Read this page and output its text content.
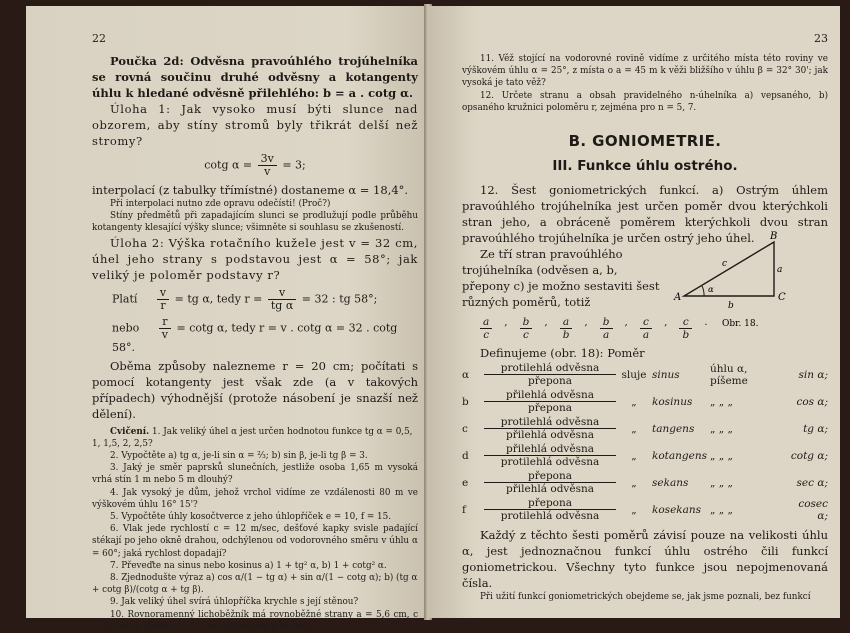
22

Poučka 2d: Odvěsna pravoúhlého trojúhelníka se rovná součinu druhé odvěsny a kotangenty úhlu k hledané odvěsně přilehlého: b = a . cotg α.

Úloha 1: Jak vysoko musí býti slunce nad obzorem, aby stíny stromů byly třikrát delší než stromy?

cotg $\alpha = \frac{3v}{v} = 3$;

interpolací (z tabulky třímístné) dostaneme α = 18,4°.

Při interpolaci nutno zde opravu odečísti! (Proč?)

Stíny předmětů při zapadajícím slunci se prodlužují podle průběhu kotangenty klesající výšky slunce; všimněte si souhlasu se zkušeností.

Úloha 2: Výška rotačního kuželе jest v = 32 cm, úhel jeho strany s podstavou jest α = 58°; jak veliký je poloměr podstavy r?

Platí $\frac{v}{r}$ = tg α, tedy $r = \frac{v}{\text{tg α}} = 32$ : tg 58°;
nebo $\frac{r}{v} = \cot g$ α, tedy r = v . cotg α = 32 . cotg 58°.

Oběma způsoby nalezneme r = 20 cm; počítati s pomocí kotangenty jest však zde (a v takových případech) výhodnější (protože násobení je snazší než dělení).

Cvičení. 1. Jak veliký úhel α jest určen hodnotou funkce tg α = 0,5, 1, 1,5, 2, 2,5?

2. Vypočtěte a) tg α, je-li sin α = ⅔; b) sin β, je-li tg β = 3.

3. Jaký je směr paprsků slunečních, jestliže osoba 1,65 m vysoká vrhá stín 1 m nebo 5 m dlouhý?

4. Jak vysoký je dům, jehož vrchol vidíme ze vzdálenosti 80 m ve výškovém úhlu 16° 15'?

5. Vypočtěte úhly kosočtverce z jeho úhlopříček e = 10, f = 15.

6. Vlak jede rychlostí c = 12 m/sec, dešťové kapky svisle padající stékají po jeho okně drahou, odchýlenou od vodorovného směru v úhlu α = 60°; jaká rychlost dopadají?

7. Převeďte na sinus nebo kosinus a) 1 + tg² α, b) 1 + cotg² α.

8. Zjednodušte výraz a) cos α/(1 − tg α) + sin α/(1 − cotg α); b) (tg α + cotg β)/(cotg α + tg β).

9. Jak veliký úhel svírá úhlopříčka krychle s její stěnou?

10. Rovnoramenný lichoběžník má rovnoběžné strany a = 5,6 cm, c = 3,6 cm a výšku v = 2,5 cm; vypočtěte jeho úhly.

23

11. Věž stojící na vodorovné rovině vidíme z určitého místa této roviny ve výškovém úhlu α = 25°, z místa o a = 45 m k věži bližšího v úhlu β = 32° 30'; jak vysoká je tato věž?

12. Určete stranu a obsah pravidelného n-úhelníka a) vepsaného, b) opsaného kružnici poloměru r, zejména pro n = 5, 7.

B. GONIOMETRIE.
III. Funkce úhlu ostrého.

12. Šest goniometrických funkcí. a) Ostrým úhlem pravoúhlého trojúhelníka jest určen poměr dvou kterýchkoli stran jeho, a obráceně poměrem kterýchkoli dvou stran pravoúhlého trojúhelníka je určen ostrý jeho úhel.

Ze tří stran pravoúhlého trojúhelníka (odvěsen a, b, přepony c) je možno sestaviti šest různých poměrů, totiž

$\frac{a}{c}$ , $\frac{b}{c}$ , $\frac{a}{b}$ , $\frac{b}{a}$ , $\frac{c}{a}$ , $\frac{c}{b}$ .

Definujeme (obr. 18): Poměr

α
protilehlá odvěsna
přepona
sluje sinus	úhlu α, píšeme	sin α;
b
přilehlá odvěsna
přepona
„	kosinus	„ „ „	cos α;
c
protilehlá odvěsna
přilehlá odvěsna
„	tangens	„ „ „	tg α;
d
přilehlá odvěsna
protilehlá odvěsna
„	kotangens „ „ „	cotg α;
e
přepona
přilehlá odvěsna
„	sekans	„ „ „	sec α;
f
přepona
protilehlá odvěsna
„	kosekans „ „ „	cosec α;

Každý z těchto šesti poměrů závisí pouze na velikosti úhlu α, jest jednoznačnou funkcí úhlu ostrého čili funkcí goniometrickou. Všechny tyto funkce jsou nepojmenovaná čísla.

Při užití funkcí goniometrických obejdeme se, jak jsme poznali, bez funkcí

A
B
C
a
b
c
α
Obr. 18.
